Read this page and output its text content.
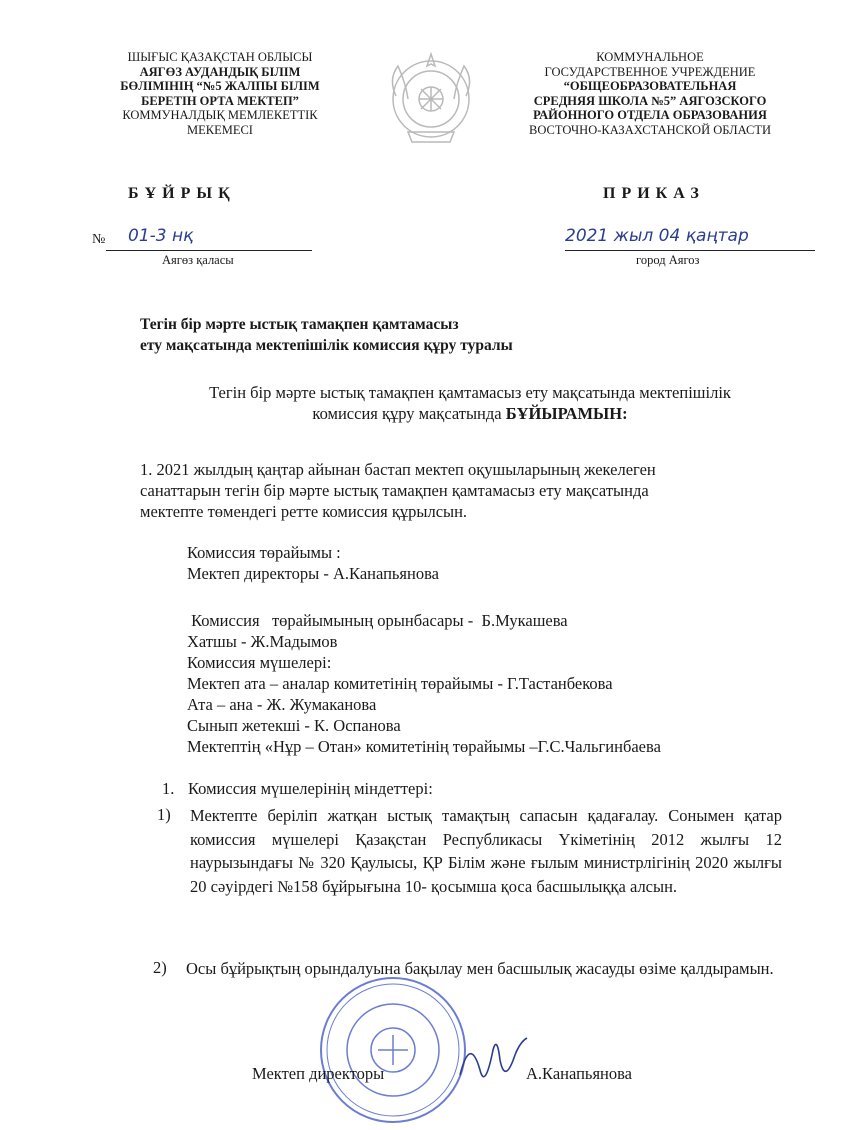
ШЫҒЫС ҚАЗАҚСТАН ОБЛЫСЫ
АЯГӨЗ АУДАНДЫҚ БІЛІМ
БӨЛІМІНІҢ “№5 ЖАЛПЫ БІЛІМ
БЕРЕТІН ОРТА МЕКТЕП”
КОММУНАЛДЫҚ МЕМЛЕКЕТТІК
МЕКЕМЕСІ
КОММУНАЛЬНОЕ
ГОСУДАРСТВЕННОЕ УЧРЕЖДЕНИЕ
“ОБЩЕОБРАЗОВАТЕЛЬНАЯ
СРЕДНЯЯ ШКОЛА №5” АЯГОЗСКОГО
РАЙОННОГО ОТДЕЛА ОБРАЗОВАНИЯ
ВОСТОЧНО-КАЗАХСТАНСКОЙ ОБЛАСТИ
БҰЙРЫҚ	ПРИКАЗ
№ 01-3 нқ
Аягөз қаласы
2021 жыл 04 қаңтар
город Аягоз
Тегін бір мәрте ыстық тамақпен қамтамасыз
ету мақсатында мектепішілік комиссия құру туралы
Тегін бір мәрте ыстық тамақпен қамтамасыз ету мақсатында мектепішілік
комиссия құру мақсатында БҰЙЫРАМЫН:
1. 2021 жылдың қаңтар айынан бастап мектеп оқушыларының жекелеген
санаттарын тегін бір мәрте ыстық тамақпен қамтамасыз ету мақсатында
мектепте төмендегі ретте комиссия құрылсын.
Комиссия төрайымы :
Мектеп директоры - А.Канапьянова
Комиссия   төрайымының орынбасары -  Б.Мукашева
Хатшы - Ж.Мадымов
Комиссия мүшелері:
Мектеп ата – аналар комитетінің төрайымы - Г.Тастанбекова
Ата – ана - Ж. Жумаканова
Сынып жетекші - К. Оспанова
Мектептің «Нұр – Отан» комитетінің төрайымы –Г.С.Чальгинбаева
1. Комиссия мүшелерінің міндеттері:
1) Мектепте беріліп жатқан ыстық тамақтың сапасын қадағалау. Сонымен қатар комиссия мүшелері Қазақстан Республикасы Үкіметінің 2012 жылғы 12 наурызындағы № 320 Қаулысы, ҚР Білім және ғылым министрлігінің 2020 жылғы 20 сәуірдегі №158 бұйрығына 10- қосымша қоса басшылыққа алсын.
2) Осы бұйрықтың орындалуына бақылау мен басшылық жасауды өзіме қалдырамын.
Мектеп директоры	А.Канапьянова
